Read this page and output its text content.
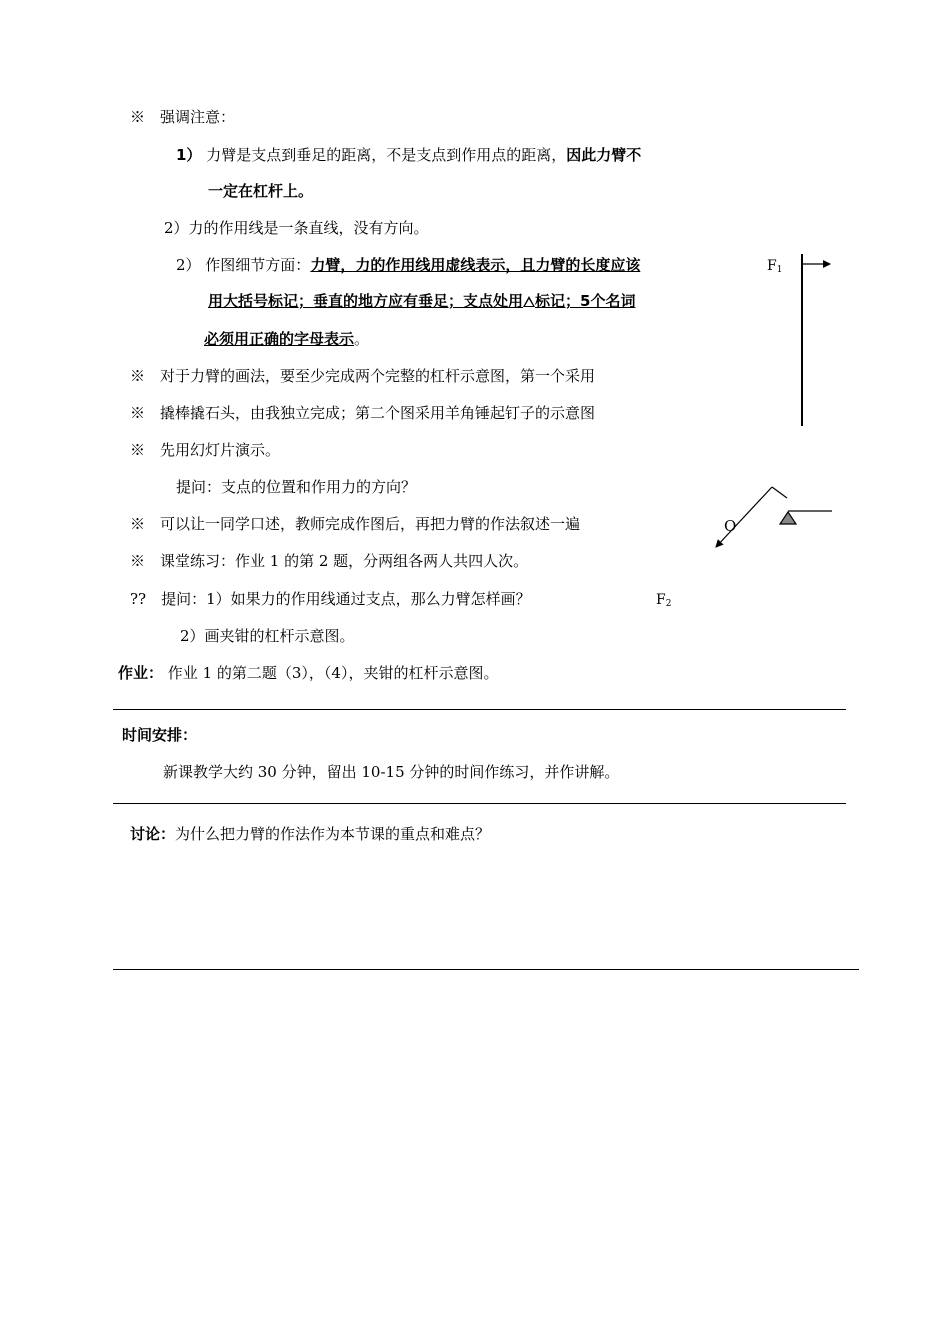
※　强调注意：
1） 力臂是支点到垂足的距离，不是支点到作用点的距离，因此力臂不
一定在杠杆上。
2）力的作用线是一条直线，没有方向。
2） 作图细节方面：力臂，力的作用线用虚线表示，且力臂的长度应该
用大括号标记；垂直的地方应有垂足；支点处用 标记；5个名词
必须用正确的字母表示。
※　对于力臂的画法，要至少完成两个完整的杠杆示意图，第一个采用
※　撬棒撬石头，由我独立完成；第二个图采用羊角锤起钉子的示意图
※　先用幻灯片演示。
提问：支点的位置和作用力的方向？
※　可以让一同学口述，教师完成作图后，再把力臂的作法叙述一遍
※　课堂练习：作业 1 的第 2 题，分两组各两人共四人次。
??　提问：1）如果力的作用线通过支点，那么力臂怎样画？
2）画夹钳的杠杆示意图。
作业： 作业 1 的第二题（3），（4），夹钳的杠杆示意图。
时间安排：
新课教学大约 30 分钟，留出 10-15 分钟的时间作练习，并作讲解。
讨论：为什么把力臂的作法作为本节课的重点和难点？
F1
O
F2
